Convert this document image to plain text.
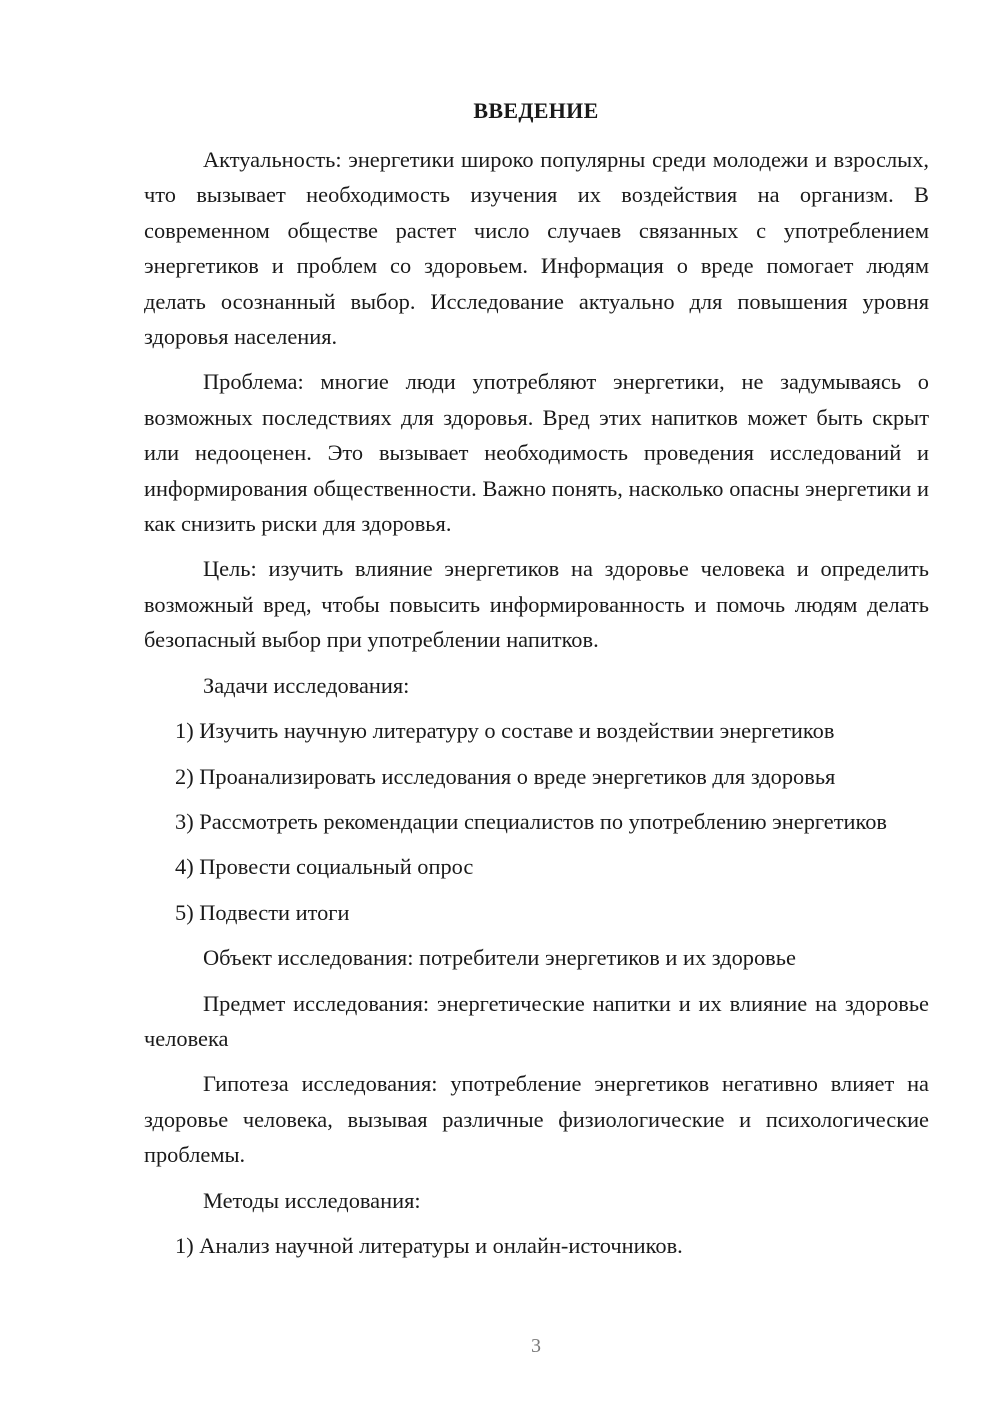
ВВЕДЕНИЕ

Актуальность: энергетики широко популярны среди молодежи и взрослых, что вызывает необходимость изучения их воздействия на организм. В современном обществе растет число случаев связанных с употреблением энергетиков и проблем со здоровьем. Информация о вреде помогает людям делать осознанный выбор. Исследование актуально для повышения уровня здоровья населения.

Проблема: многие люди употребляют энергетики, не задумываясь о возможных последствиях для здоровья. Вред этих напитков может быть скрыт или недооценен. Это вызывает необходимость проведения исследований и информирования общественности. Важно понять, насколько опасны энергетики и как снизить риски для здоровья.

Цель: изучить влияние энергетиков на здоровье человека и определить возможный вред, чтобы повысить информированность и помочь людям делать безопасный выбор при употреблении напитков.

Задачи исследования:

1) Изучить научную литературу о составе и воздействии энергетиков

2) Проанализировать исследования о вреде энергетиков для здоровья

3) Рассмотреть рекомендации специалистов по употреблению энергетиков

4) Провести социальный опрос

5) Подвести итоги

Объект исследования: потребители энергетиков и их здоровье

Предмет исследования: энергетические напитки и их влияние на здоровье человека

Гипотеза исследования: употребление энергетиков негативно влияет на здоровье человека, вызывая различные физиологические и психологические проблемы.

Методы исследования:

1) Анализ научной литературы и онлайн-источников.

3
